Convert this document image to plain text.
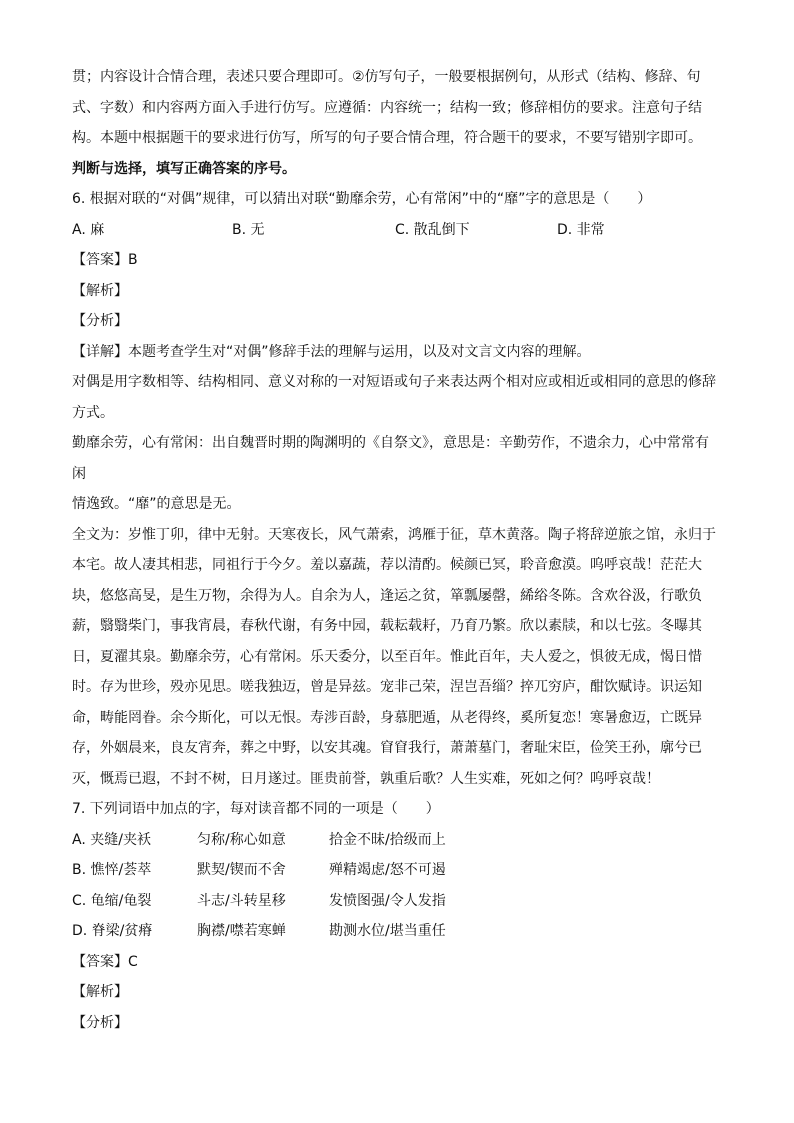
贯；内容设计合情合理，表述只要合理即可。②仿写句子，一般要根据例句，从形式（结构、修辞、句

式、字数）和内容两方面入手进行仿写。应遵循：内容统一；结构一致；修辞相仿的要求。注意句子结

构。本题中根据题干的要求进行仿写，所写的句子要合情合理，符合题干的要求，不要写错别字即可。

判断与选择，填写正确答案的序号。

6. 根据对联的“对偶”规律，可以猜出对联“勤靡余劳，心有常闲”中的“靡”字的意思是（　　）

A. 麻	B. 无	C. 散乱倒下	D. 非常

【答案】B

【解析】

【分析】

【详解】本题考查学生对“对偶”修辞手法的理解与运用，以及对文言文内容的理解。

对偶是用字数相等、结构相同、意义对称的一对短语或句子来表达两个相对应或相近或相同的意思的修辞

方式。

勤靡余劳，心有常闲：出自魏晋时期的陶渊明的《自祭文》，意思是：辛勤劳作，不遗余力，心中常常有闲

情逸致。“靡”的意思是无。

全文为：岁惟丁卯，律中无射。天寒夜长，风气萧索，鸿雁于征，草木黄落。陶子将辞逆旅之馆，永归于

本宅。故人凄其相悲，同祖行于今夕。羞以嘉蔬，荐以清酌。候颜已冥，聆音愈漠。呜呼哀哉！茫茫大

块，悠悠高旻，是生万物，余得为人。自余为人，逢运之贫，箪瓢屡罄，絺绤冬陈。含欢谷汲，行歌负

薪，翳翳柴门，事我宵晨，春秋代谢，有务中园，载耘载耔，乃育乃繁。欣以素牍，和以七弦。冬曝其

日，夏濯其泉。勤靡余劳，心有常闲。乐天委分，以至百年。惟此百年，夫人爱之，惧彼无成，愒日惜

时。存为世珍，殁亦见思。嗟我独迈，曾是异兹。宠非己荣，涅岂吾缁？捽兀穷庐，酣饮赋诗。识运知

命，畴能罔眷。余今斯化，可以无恨。寿涉百龄，身慕肥遁，从老得终，奚所复恋！寒暑愈迈，亡既异

存，外姻晨来，良友宵奔，葬之中野，以安其魂。窅窅我行，萧萧墓门，奢耻宋臣，俭笑王孙，廓兮已

灭，慨焉已遐，不封不树，日月遂过。匪贵前誉，孰重后歌？人生实难，死如之何？呜呼哀哉！

7. 下列词语中加点的字，每对读音都不同的一项是（　　）

A. 夹缝/夹袄	匀称/称心如意	拾金不昧/拾级而上
B. 憔悴/荟萃	默契/锲而不舍	殚精竭虑/怒不可遏
C. 龟缩/龟裂	斗志/斗转星移	发愤图强/令人发指
D. 脊梁/贫瘠	胸襟/噤若寒蝉	勘测水位/堪当重任

【答案】C

【解析】

【分析】
